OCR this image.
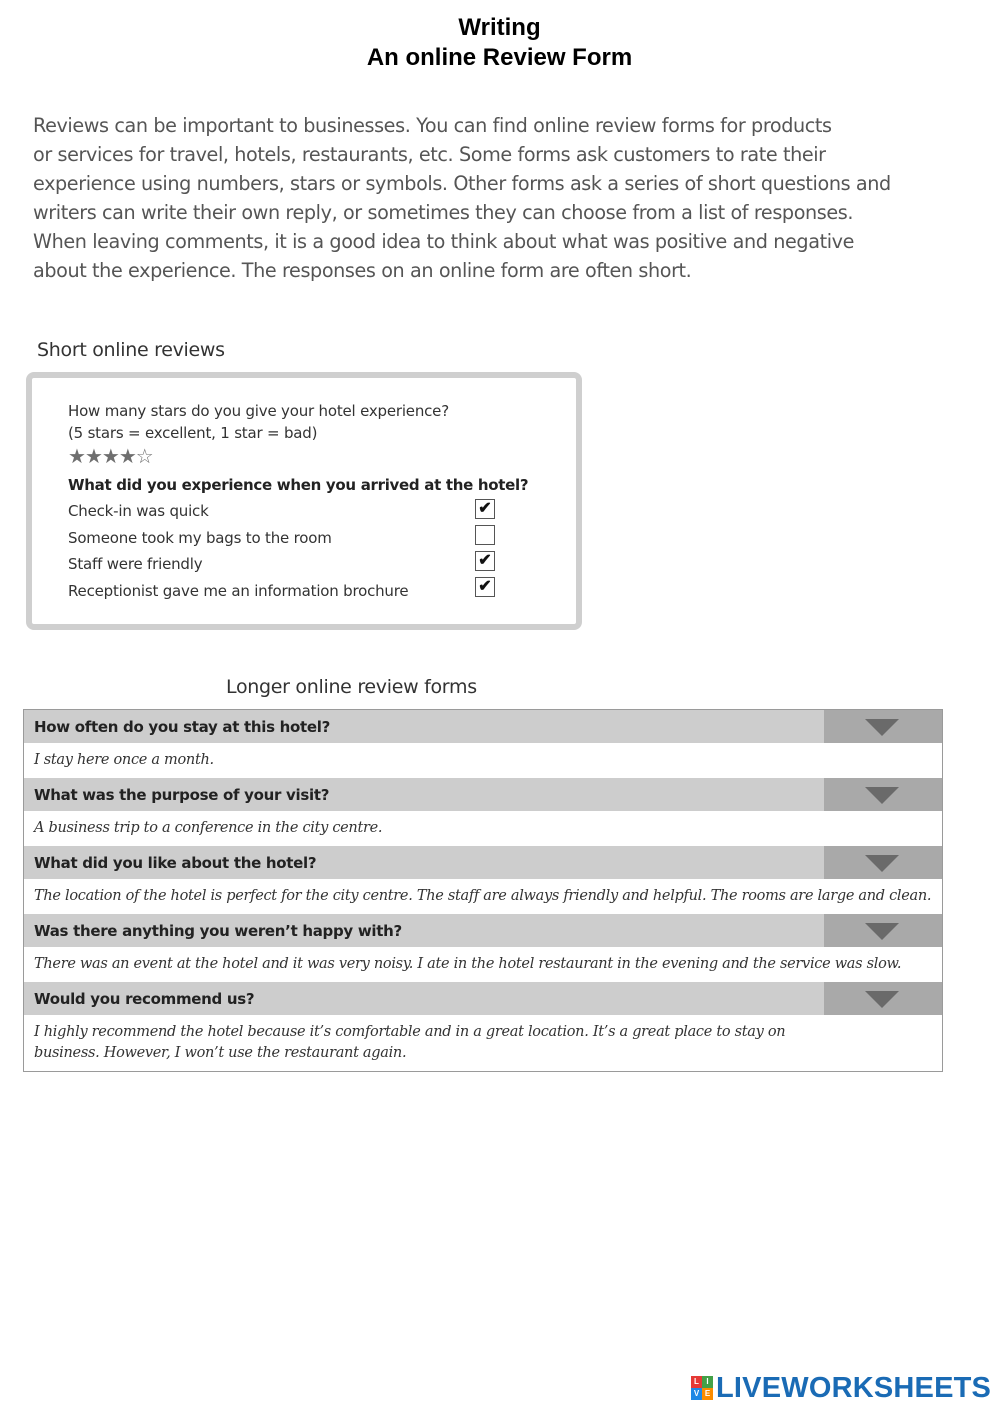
Writing
An online Review Form
Reviews can be important to businesses. You can find online review forms for products
or services for travel, hotels, restaurants, etc. Some forms ask customers to rate their
experience using numbers, stars or symbols. Other forms ask a series of short questions and
writers can write their own reply, or sometimes they can choose from a list of responses.
When leaving comments, it is a good idea to think about what was positive and negative
about the experience. The responses on an online form are often short.
Short online reviews
How many stars do you give your hotel experience?
(5 stars = excellent, 1 star = bad)
★★★★☆
What did you experience when you arrived at the hotel?
Check-in was quick	✔
Someone took my bags to the room
Staff were friendly	✔
Receptionist gave me an information brochure	✔
Longer online review forms
How often do you stay at this hotel?
I stay here once a month.
What was the purpose of your visit?
A business trip to a conference in the city centre.
What did you like about the hotel?
The location of the hotel is perfect for the city centre. The staff are always friendly and helpful. The rooms are large and clean.
Was there anything you weren’t happy with?
There was an event at the hotel and it was very noisy. I ate in the hotel restaurant in the evening and the service was slow.
Would you recommend us?
I highly recommend the hotel because it’s comfortable and in a great location. It’s a great place to stay on business. However, I won’t use the restaurant again.
L I
V E LIVEWORKSHEETS
